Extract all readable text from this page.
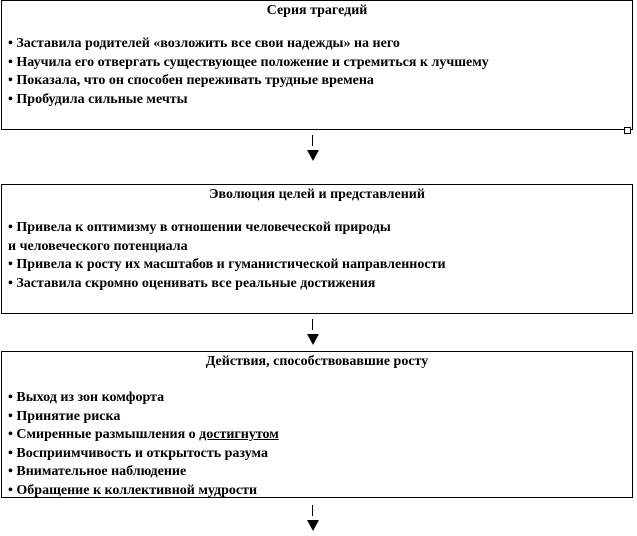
Серия трагедий
• Заставила родителей «возложить все свои надежды» на него
• Научила его отвергать существующее положение и стремиться к лучшему
• Показала, что он способен переживать трудные времена
• Пробудила сильные мечты
Эволюция целей и представлений
• Привела к оптимизму в отношении человеческой природы
и человеческого потенциала
• Привела к росту их масштабов и гуманистической направленности
• Заставила скромно оценивать все реальные достижения
Действия, способствовавшие росту
• Выход из зон комфорта
• Принятие риска
• Смиренные размышления о достигнутом
• Восприимчивость и открытость разума
• Внимательное наблюдение
• Обращение к коллективной мудрости
